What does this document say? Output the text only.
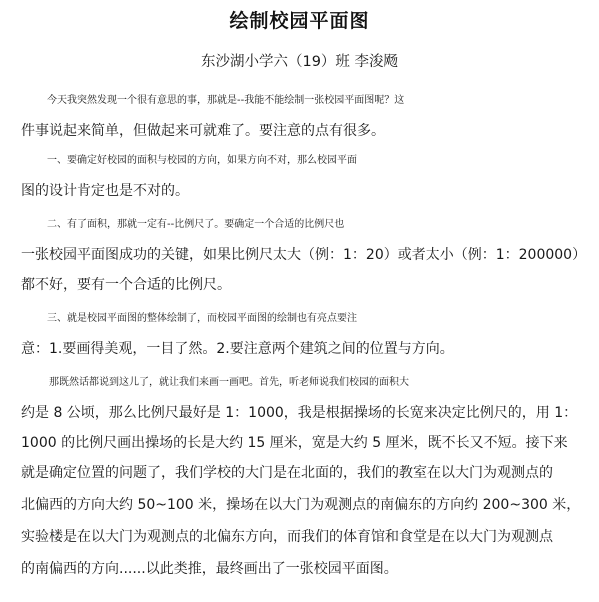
绘制校园平面图
东沙湖小学六（19）班 李浚飏
今天我突然发现一个很有意思的事，那就是--我能不能绘制一张校园平面图呢？这
件事说起来简单，但做起来可就难了。要注意的点有很多。
一、要确定好校园的面积与校园的方向，如果方向不对，那么校园平面
图的设计肯定也是不对的。
二、有了面积，那就一定有--比例尺了。要确定一个合适的比例尺也
一张校园平面图成功的关键，如果比例尺太大（例：1：20）或者太小（例：1：200000）
都不好，要有一个合适的比例尺。
三、就是校园平面图的整体绘制了，而校园平面图的绘制也有亮点要注
意：1.要画得美观，一目了然。2.要注意两个建筑之间的位置与方向。
那既然话都说到这儿了，就让我们来画一画吧。首先，听老师说我们校园的面积大
约是 8 公顷，那么比例尺最好是 1：1000，我是根据操场的长宽来决定比例尺的，用 1：
1000 的比例尺画出操场的长是大约 15 厘米，宽是大约 5 厘米，既不长又不短。接下来
就是确定位置的问题了，我们学校的大门是在北面的，我们的教室在以大门为观测点的
北偏西的方向大约 50~100 米，操场在以大门为观测点的南偏东的方向约 200~300 米，
实验楼是在以大门为观测点的北偏东方向，而我们的体育馆和食堂是在以大门为观测点
的南偏西的方向......以此类推，最终画出了一张校园平面图。
